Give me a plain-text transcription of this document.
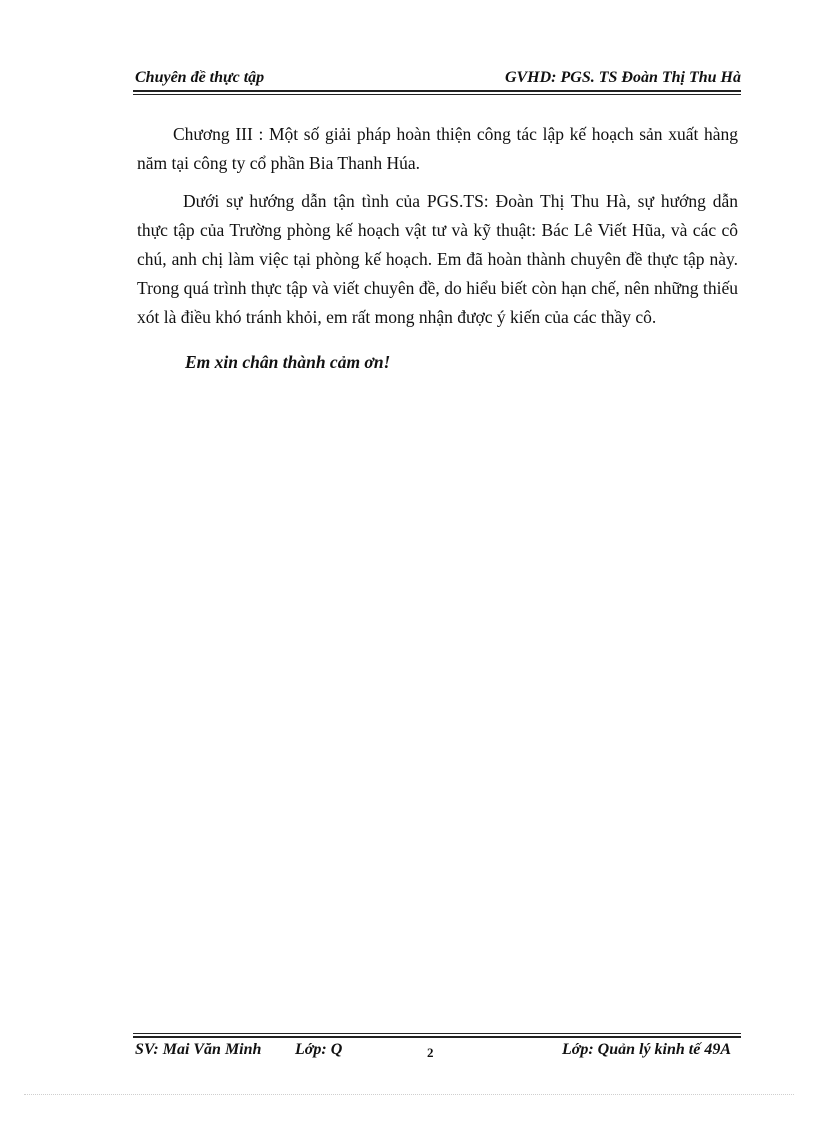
Chuyên đề thực tập	GVHD: PGS. TS Đoàn Thị Thu Hà

Chương III : Một số giải pháp hoàn thiện công tác lập kế hoạch sản xuất hàng năm tại công ty cổ phần Bia Thanh Húa.

Dưới sự hướng dẫn tận tình của PGS.TS: Đoàn Thị Thu Hà, sự hướng dẫn thực tập của Trường phòng kế hoạch vật tư và kỹ thuật: Bác Lê Viết Hũa, và các cô chú, anh chị làm việc tại phòng kế hoạch. Em đã hoàn thành chuyên đề thực tập này. Trong quá trình thực tập và viết chuyên đề, do hiểu biết còn hạn chế, nên những thiếu xót là điều khó tránh khỏi, em rất mong nhận được ý kiến của các thầy cô.

Em xin chân thành cảm ơn!
SV: Mai Văn Minh Lớp: Q	2	Lớp: Quản lý kinh tế 49A
